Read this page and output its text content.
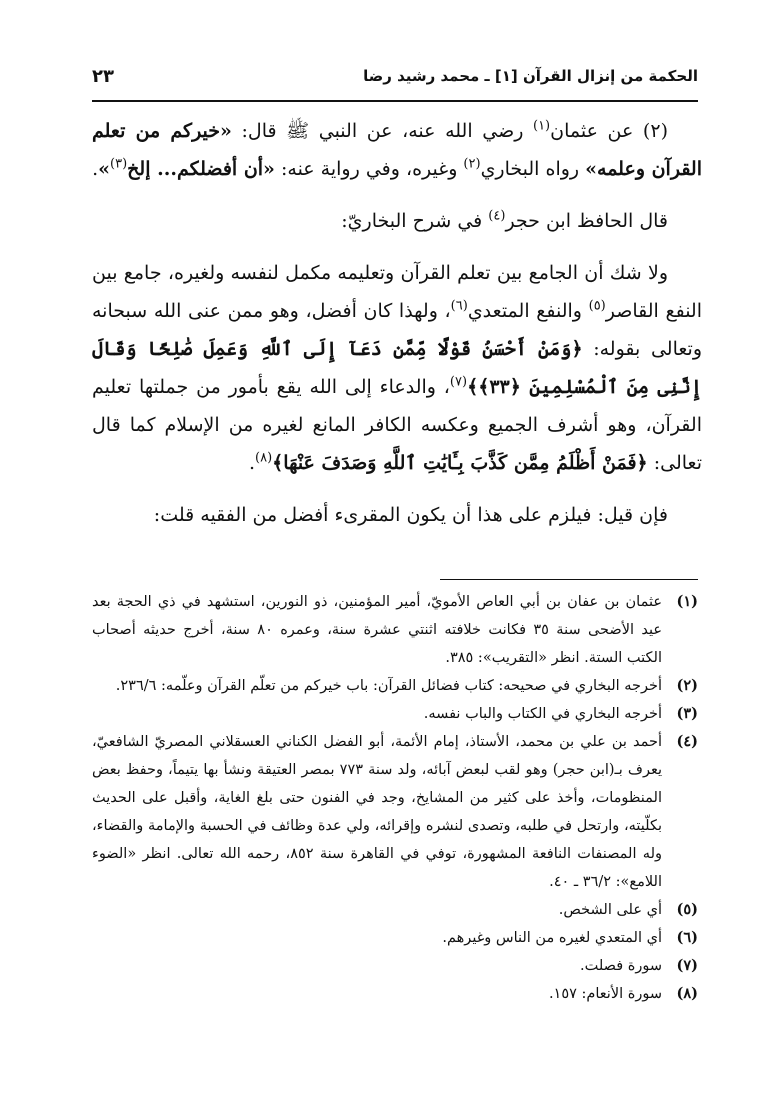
الحكمة من إنزال القرآن [١] ـ محمد رشيد رضا
٢٣

(٢) عن عثمان$^{(١)}$ رضي الله عنه، عن النبي ﷺ قال: «خيركم من تعلم القرآن وعلمه» رواه البخاري$^{(٢)}$ وغيره، وفي رواية عنه: «أن أفضلكم... إلخ$^{(٣)}$».

قال الحافظ ابن حجر$^{(٤)}$ في شرح البخاريّ:

ولا شك أن الجامع بين تعلم القرآن وتعليمه مكمل لنفسه ولغيره، جامع بين النفع القاصر$^{(٥)}$ والنفع المتعدي$^{(٦)}$، ولهذا كان أفضل، وهو ممن عنى الله سبحانه وتعالى بقوله: ﴿وَمَنْ أَحْسَنُ قَوْلًا مِّمَّن دَعَآ إِلَى ٱللَّهِ وَعَمِلَ صَٰلِحًا وَقَالَ إِنَّنِى مِنَ ٱلْمُسْلِمِينَ ﴿٣٣﴾﴾$^{(٧)}$، والدعاء إلى الله يقع بأمور من جملتها تعليم القرآن، وهو أشرف الجميع وعكسه الكافر المانع لغيره من الإسلام كما قال تعالى: ﴿فَمَنْ أَظْلَمُ مِمَّن كَذَّبَ بِـَٔايَٰتِ ٱللَّهِ وَصَدَفَ عَنْهَا﴾$^{(٨)}$.

فإن قيل: فيلزم على هذا أن يكون المقرىء أفضل من الفقيه قلت:

(١)
عثمان بن عفان بن أبي العاص الأمويّ، أمير المؤمنين، ذو النورين، استشهد في ذي الحجة بعد عيد الأضحى سنة ٣٥ فكانت خلافته اثنتي عشرة سنة، وعمره ٨٠ سنة، أخرج حديثه أصحاب الكتب الستة. انظر «التقريب»: ٣٨٥.
(٢)
أخرجه البخاري في صحيحه: كتاب فضائل القرآن: باب خيركم من تعلّم القرآن وعلّمه: ٢٣٦/٦.
(٣)
أخرجه البخاري في الكتاب والباب نفسه.
(٤)
أحمد بن علي بن محمد، الأستاذ، إمام الأئمة، أبو الفضل الكناني العسقلاني المصريّ الشافعيّ، يعرف بـ(ابن حجر) وهو لقب لبعض آبائه، ولد سنة ٧٧٣ بمصر العتيقة ونشأ بها يتيماً، وحفظ بعض المنظومات، وأخذ على كثير من المشايخ، وجد في الفنون حتى بلغ الغاية، وأقبل على الحديث بكلّيته، وارتحل في طلبه، وتصدى لنشره وإقرائه، ولي عدة وظائف في الحسبة والإمامة والقضاء، وله المصنفات النافعة المشهورة، توفي في القاهرة سنة ٨٥٢، رحمه الله تعالى. انظر «الضوء اللامع»: ٣٦/٢ ـ ٤٠.
(٥)
أي على الشخص.
(٦)
أي المتعدي لغيره من الناس وغيرهم.
(٧)
سورة فصلت.
(٨)
سورة الأنعام: ١٥٧.
